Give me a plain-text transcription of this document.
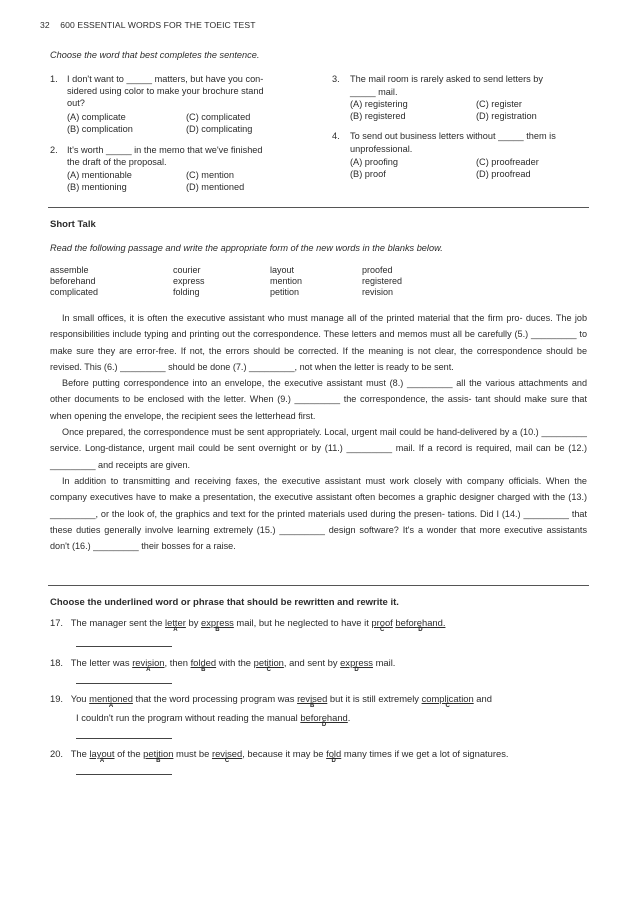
32 600 ESSENTIAL WORDS FOR THE TOEIC TEST
Choose the word that best completes the sentence.
1. I don't want to _____ matters, but have you con-
sidered using color to make your brochure stand
out?
(A) complicate
(B) complication
(C) complicated
(D) complicating
2. It's worth _____ in the memo that we've finished
the draft of the proposal.
(A) mentionable
(B) mentioning
(C) mention
(D) mentioned
3. The mail room is rarely asked to send letters by
_____ mail.
(A) registering
(B) registered
(C) register
(D) registration
4. To send out business letters without _____ them is
unprofessional.
(A) proofing
(B) proof
(C) proofreader
(D) proofread
Short Talk
Read the following passage and write the appropriate form of the new words in the blanks below.
assemble	courier	layout	proofed
beforehand	express	mention	registered
complicated	folding	petition	revision

In small offices, it is often the executive assistant who must manage all of the printed material that the firm pro- duces. The job responsibilities include typing and printing out the correspondence. These letters and memos must all be carefully (5.) _________ to make sure they are error-free. If not, the errors should be corrected. If the meaning is not clear, the correspondence should be revised. This (6.) _________ should be done (7.) _________, not when the letter is ready to be sent.

Before putting correspondence into an envelope, the executive assistant must (8.) _________ all the various attachments and other documents to be enclosed with the letter. When (9.) _________ the correspondence, the assis- tant should make sure that when opening the envelope, the recipient sees the letterhead first.

Once prepared, the correspondence must be sent appropriately. Local, urgent mail could be hand-delivered by a (10.) _________ service. Long-distance, urgent mail could be sent overnight or by (11.) _________ mail. If a record is required, mail can be (12.) _________ and receipts are given.

In addition to transmitting and receiving faxes, the executive assistant must work closely with company officials. When the company executives have to make a presentation, the executive assistant often becomes a graphic designer charged with the (13.) _________, or the look of, the graphics and text for the printed materials used during the presen- tations. Did I (14.) _________ that these duties generally involve learning extremely (15.) _________ design software? It's a wonder that more executive assistants don't (16.) _________ their bosses for a raise.

Choose the underlined word or phrase that should be rewritten and rewrite it.
17. The manager sent the letter
A
by express
B
mail, but he neglected to have it proof
C
beforehand.
D
18. The letter was revision
A
, then folded
B
with the petition
C
, and sent by express
D
mail.
19. You mentioned
A
that the word processing program was revised
B
but it is still extremely complication
C
and
I couldn't run the program without reading the manual beforehand
D
.
20. The layout
A
of the petition
B
must be revised
C
, because it may be fold
D
many times if we get a lot of signatures.
